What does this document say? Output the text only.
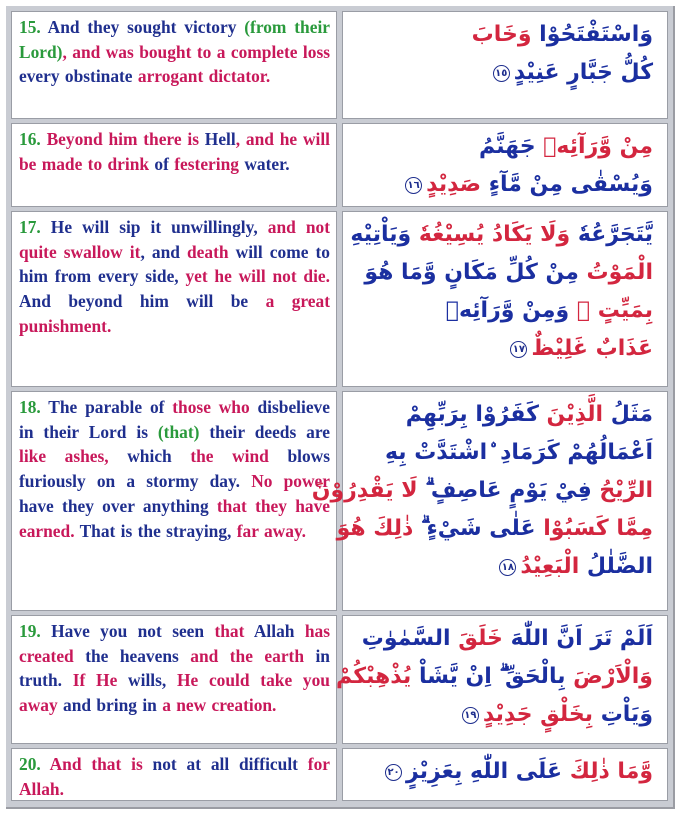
15. And they sought victory (from their Lord), and was bought to a complete loss every obstinate arrogant dictator.

وَاسْتَفْتَحُوْا وَخَابَ
كُلُّ جَبَّارٍ عَنِيْدٍ١٥

16. Beyond him there is Hell, and he will be made to drink of festering water.

مِنْ وَّرَآئِهٖ جَهَنَّمُ
وَيُسْقٰى مِنْ مَّآءٍ صَدِيْدٍ١٦

17. He will sip it unwillingly, and not quite swallow it, and death will come to him from every side, yet he will not die. And beyond him will be a great punishment.

يَّتَجَرَّعُهٗ وَلَا يَكَادُ يُسِيْغُهٗ وَيَاْتِيْهِ
الْمَوْتُ مِنْ كُلِّ مَكَانٍ وَّمَا هُوَ
بِمَيِّتٍ ۗ وَمِنْ وَّرَآئِهٖ
عَذَابٌ غَلِيْظٌ١٧

18. The parable of those who disbelieve in their Lord is (that) their deeds are like ashes, which the wind blows furiously on a stormy day. No power have they over anything that they have earned. That is the straying, far away.

مَثَلُ الَّذِيْنَ كَفَرُوْا بِرَبِّهِمْ
اَعْمَالُهُمْ كَرَمَادِ ۨاشْتَدَّتْ بِهِ
الرِّيْحُ فِيْ يَوْمٍ عَاصِفٍ ۗ لَا يَقْدِرُوْنَ
مِمَّا كَسَبُوْا عَلٰى شَيْءٍ ۗ ذٰلِكَ هُوَ
الضَّلٰلُ الْبَعِيْدُ١٨

19. Have you not seen that Allah has created the heavens and the earth in truth. If He wills, He could take you away and bring in a new creation.

اَلَمْ تَرَ اَنَّ اللّٰهَ خَلَقَ السَّمٰوٰتِ
وَالْاَرْضَ بِالْحَقِّ ۗ اِنْ يَّشَاْ يُذْهِبْكُمْ
وَيَاْتِ بِخَلْقٍ جَدِيْدٍ١٩

20. And that is not at all difficult for Allah.

وَّمَا ذٰلِكَ عَلَى اللّٰهِ بِعَزِيْزٍ٢٠
